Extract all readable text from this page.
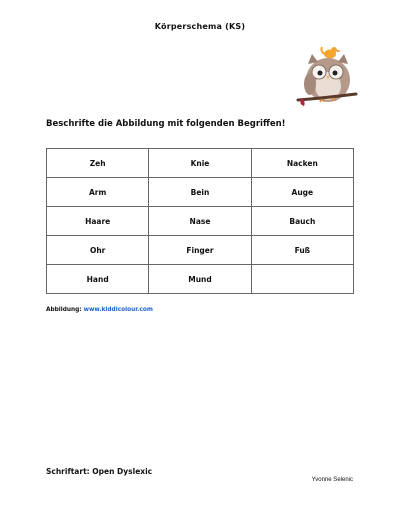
Körperschema (KS)
Beschrifte die Abbildung mit folgenden Begriffen!
Zeh	Knie	Nacken
Arm	Bein	Auge
Haare	Nase	Bauch
Ohr	Finger	Fuß
Hand	Mund	
Abbildung: www.kiddicolour.com
Schriftart: Open Dyslexic
Yvonne Selenic
